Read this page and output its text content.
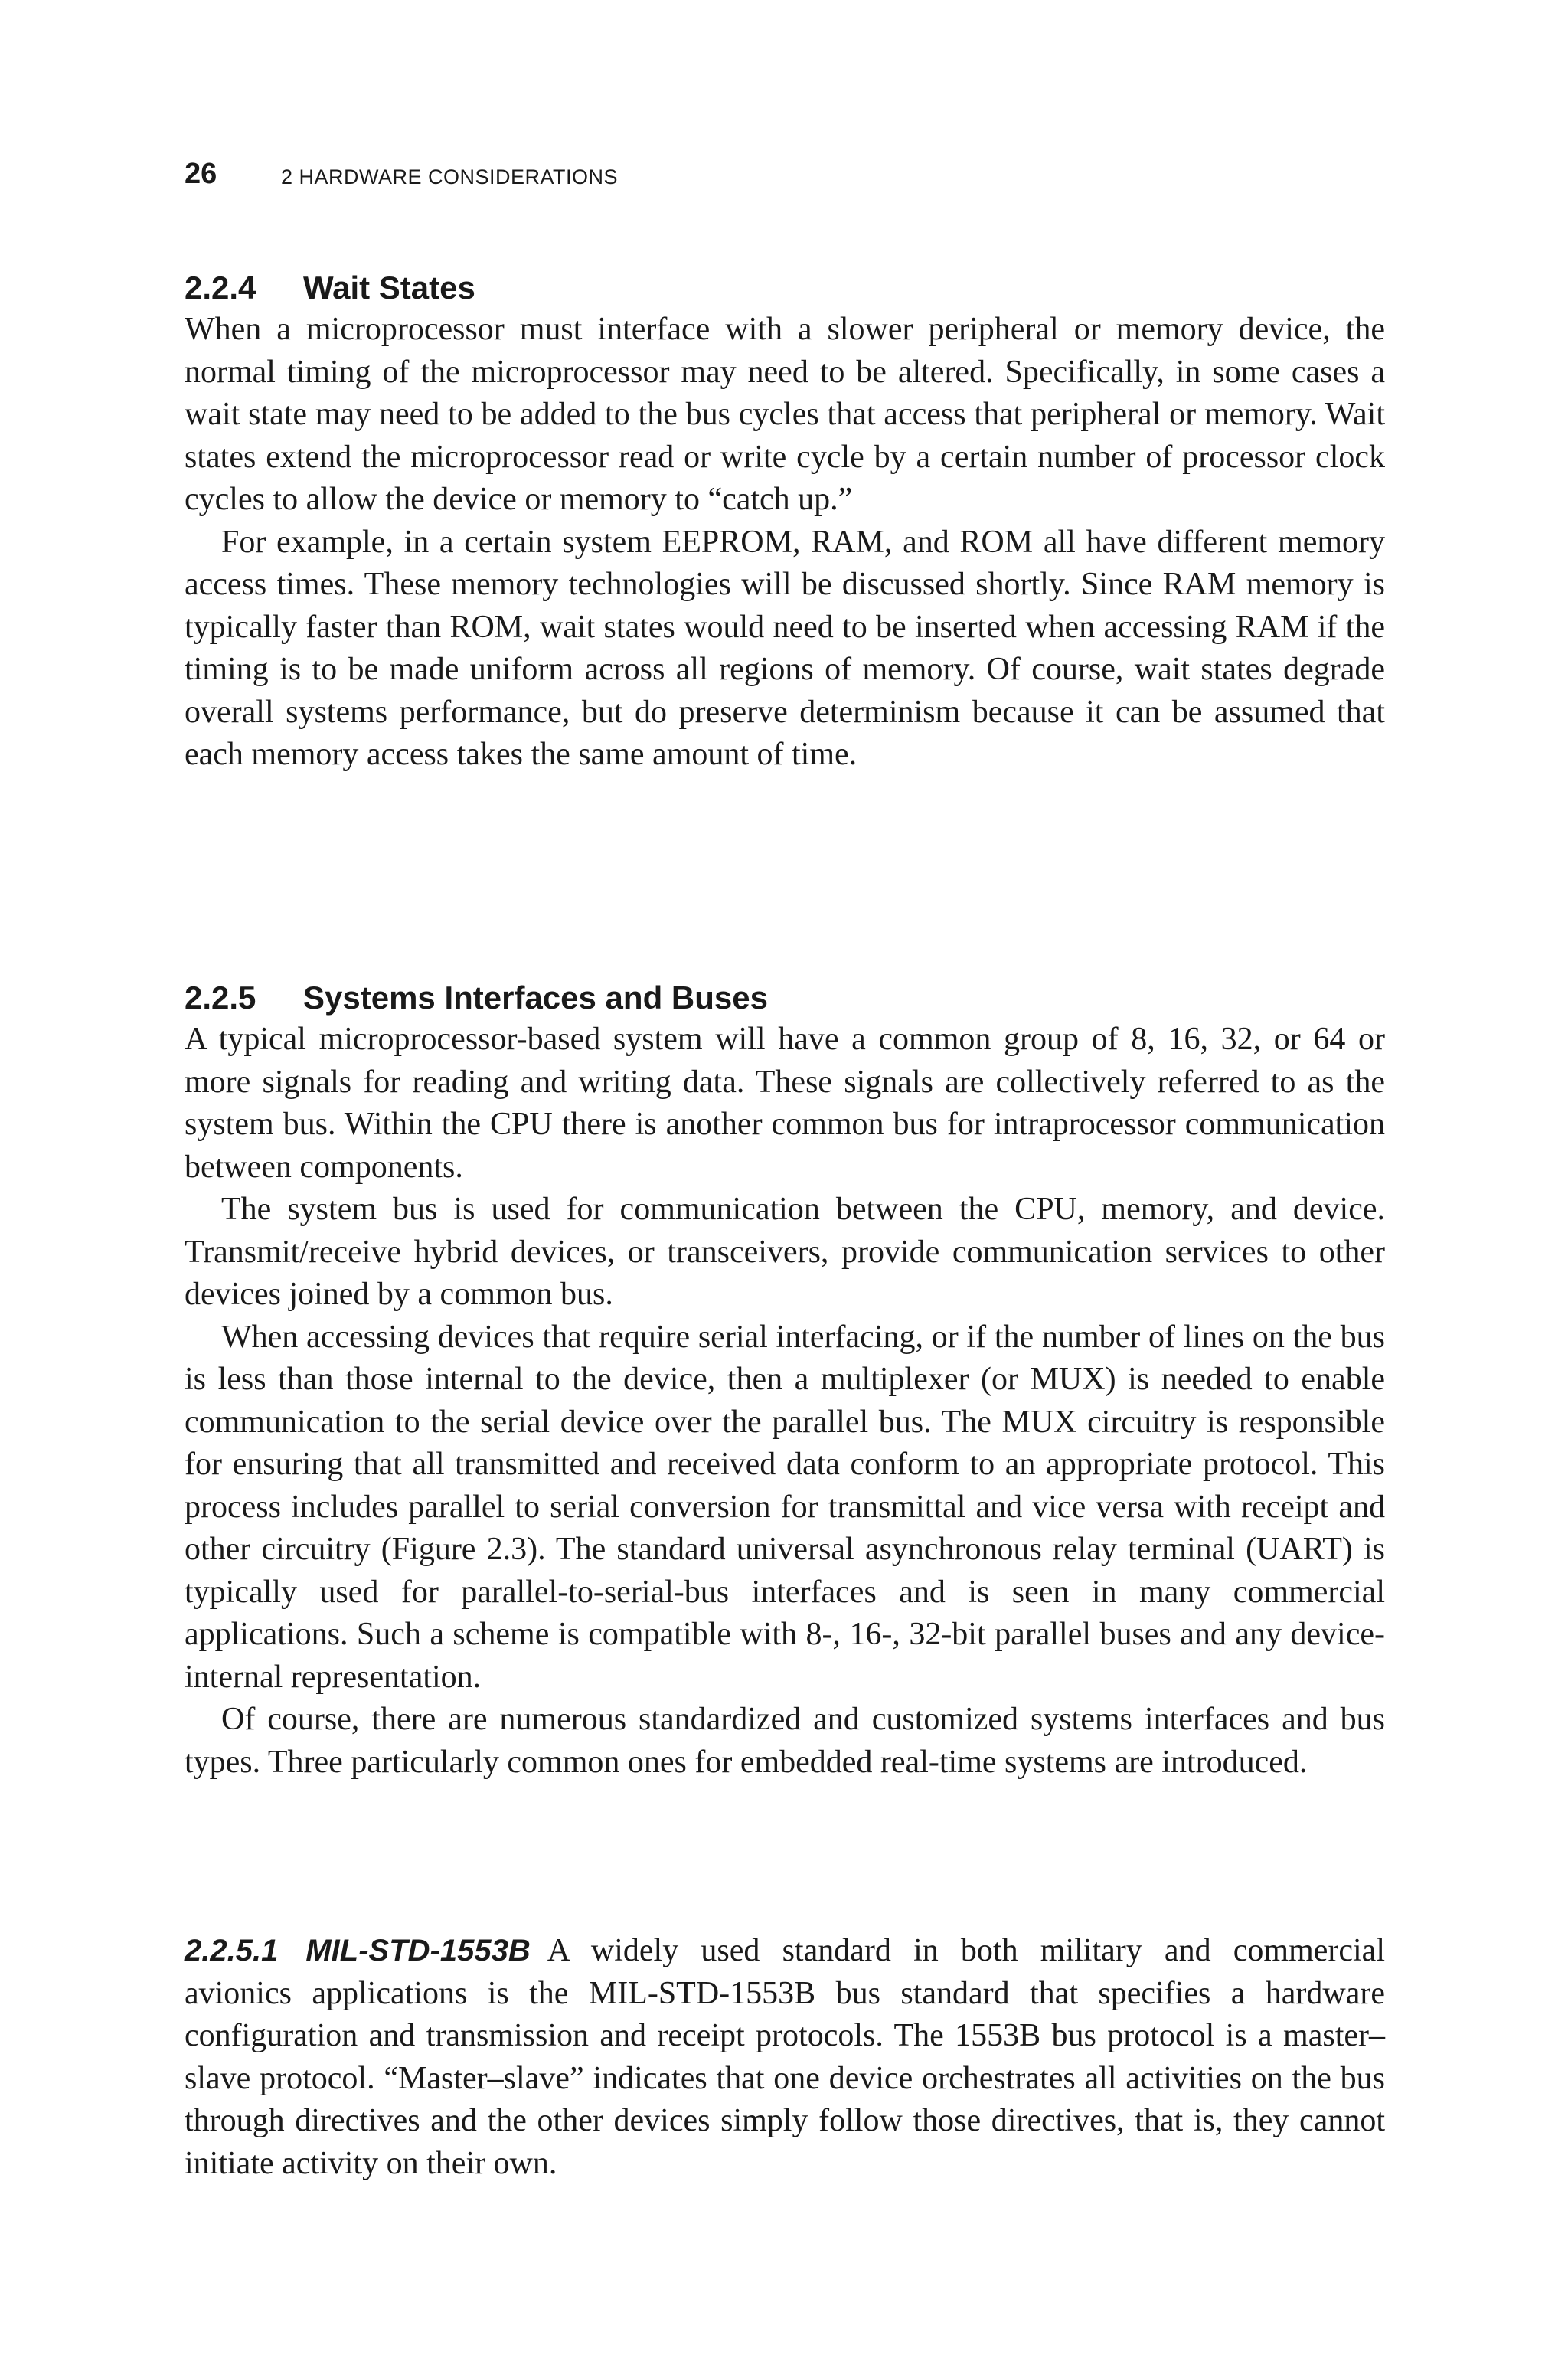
26	2 HARDWARE CONSIDERATIONS
2.2.4 Wait States

When a microprocessor must interface with a slower peripheral or memory device, the normal timing of the microprocessor may need to be altered. Specifically, in some cases a wait state may need to be added to the bus cycles that access that peripheral or memory. Wait states extend the microprocessor read or write cycle by a certain number of processor clock cycles to allow the device or memory to “catch up.”

For example, in a certain system EEPROM, RAM, and ROM all have different memory access times. These memory technologies will be discussed shortly. Since RAM memory is typically faster than ROM, wait states would need to be inserted when accessing RAM if the timing is to be made uniform across all regions of memory. Of course, wait states degrade overall systems performance, but do preserve determinism because it can be assumed that each memory access takes the same amount of time.

2.2.5 Systems Interfaces and Buses

A typical microprocessor-based system will have a common group of 8, 16, 32, or 64 or more signals for reading and writing data. These signals are collectively referred to as the system bus. Within the CPU there is another common bus for intraprocessor communication between components.

The system bus is used for communication between the CPU, memory, and device. Transmit/receive hybrid devices, or transceivers, provide communication services to other devices joined by a common bus.

When accessing devices that require serial interfacing, or if the number of lines on the bus is less than those internal to the device, then a multiplexer (or MUX) is needed to enable communication to the serial device over the parallel bus. The MUX circuitry is responsible for ensuring that all transmitted and received data conform to an appropriate protocol. This process includes parallel to serial conversion for transmittal and vice versa with receipt and other circuitry (Figure 2.3). The standard universal asynchronous relay terminal (UART) is typically used for parallel-to-serial-bus interfaces and is seen in many commercial applications. Such a scheme is compatible with 8-, 16-, 32-bit parallel buses and any device-internal representation.

Of course, there are numerous standardized and customized systems interfaces and bus types. Three particularly common ones for embedded real-time systems are introduced.

2.2.5.1 MIL-STD-1553B A widely used standard in both military and commercial avionics applications is the MIL-STD-1553B bus standard that specifies a hardware configuration and transmission and receipt protocols. The 1553B bus protocol is a master–slave protocol. “Master–slave” indicates that one device orchestrates all activities on the bus through directives and the other devices simply follow those directives, that is, they cannot initiate activity on their own.
